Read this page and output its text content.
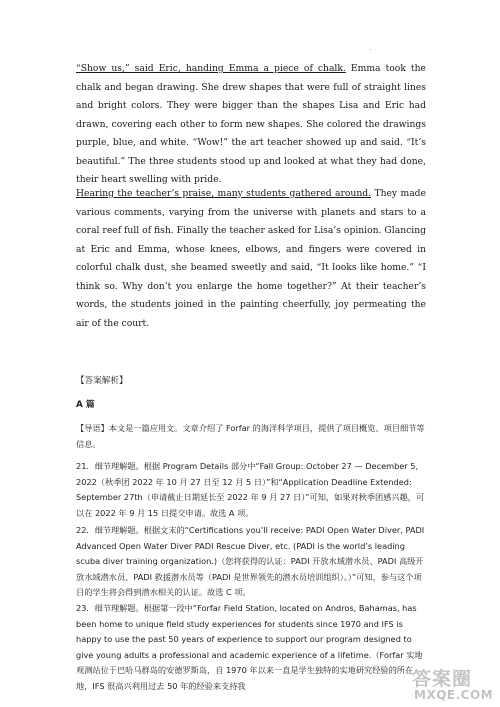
.
“Show us,” said Eric, handing Emma a piece of chalk. Emma took the chalk and began drawing. She drew shapes that were full of straight lines and bright colors. They were bigger than the shapes Lisa and Eric had drawn, covering each other to form new shapes. She colored the drawings purple, blue, and white. “Wow!” the art teacher showed up and said. “It’s beautiful.” The three students stood up and looked at what they had done, their heart swelling with pride.
Hearing the teacher’s praise, many students gathered around. They made various comments, varying from the universe with planets and stars to a coral reef full of fish. Finally the teacher asked for Lisa’s opinion. Glancing at Eric and Emma, whose knees, elbows, and fingers were covered in colorful chalk dust, she beamed sweetly and said, “It looks like home.” “I think so. Why don’t you enlarge the home together?” At their teacher’s words, the students joined in the painting cheerfully, joy permeating the air of the court.
【答案解析】
A 篇
【导语】本文是一篇应用文。文章介绍了 Forfar 的海洋科学项目，提供了项目概览、项目细节等信息。
21．细节理解题。根据 Program Details 部分中“Fall Group: October 27 — December 5, 2022（秋季团 2022 年 10 月 27 日至 12 月 5 日）”和“Application Deadline Extended: September 27th（申请截止日期延长至 2022 年 9 月 27 日）”可知，如果对秋季团感兴趣，可以在 2022 年 9 月 15 日提交申请。故选 A 项。
22．细节理解题。根据文末的“Certifications you’ll receive: PADI Open Water Diver, PADI Advanced Open Water Diver PADI Rescue Diver, etc. (PADI is the world’s leading scuba diver training organization.)（您将获得的认证：PADI 开放水域潜水员、PADI 高级开放水域潜水员、PADI 救援潜水员等（PADI 是世界领先的潜水员培训组织）。）”可知，参与这个项目的学生将会得到潜水相关的认证。故选 C 项。
23．细节理解题。根据第一段中“Forfar Field Station, located on Andros, Bahamas, has been home to unique field study experiences for students since 1970 and IFS is happy to use the past 50 years of experience to support our program designed to give young adults a professional and academic experience of a lifetime.（Forfar 实地观测站位于巴哈马群岛的安德罗斯岛，自 1970 年以来一直是学生独特的实地研究经验的所在地，IFS 很高兴利用过去 50 年的经验来支持我	答案圈
MXQE.COM
